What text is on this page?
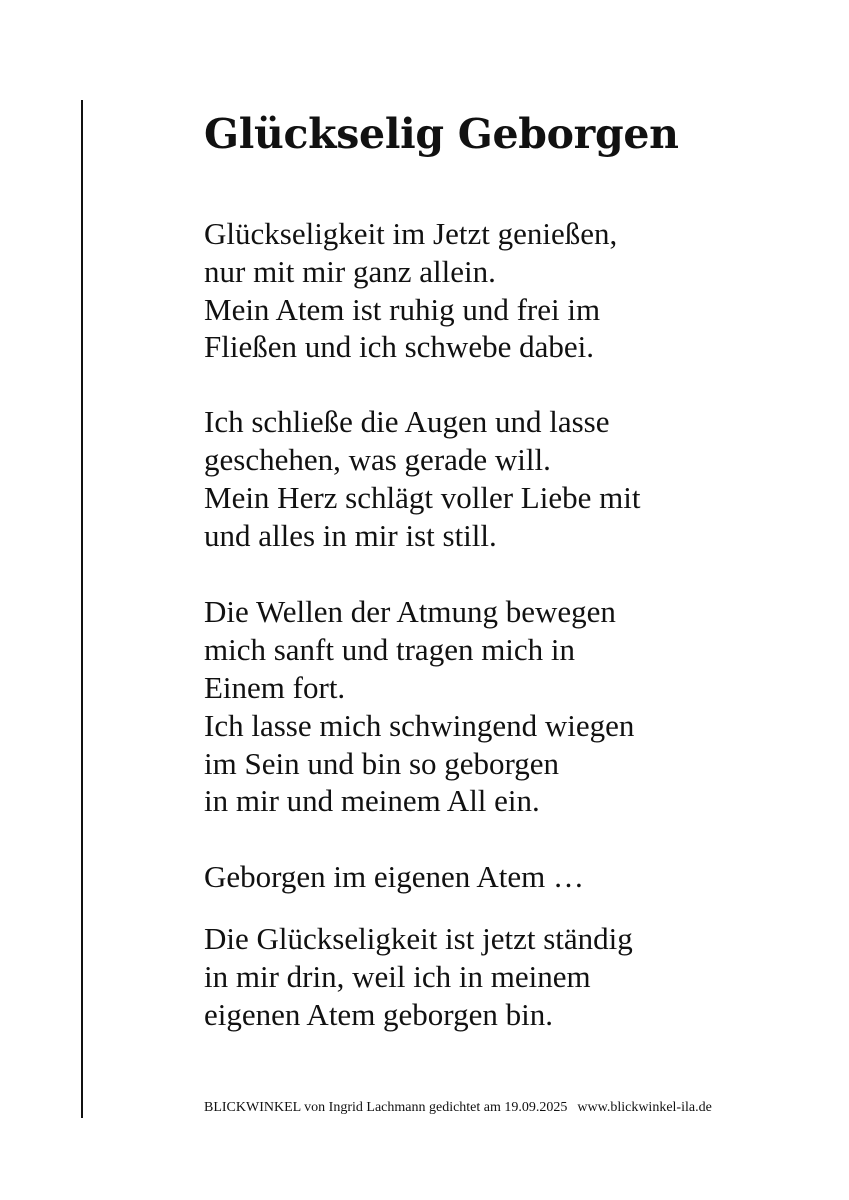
Glückselig Geborgen

Glückseligkeit im Jetzt genießen,
nur mit mir ganz allein.
Mein Atem ist ruhig und frei im
Fließen und ich schwebe dabei.

Ich schließe die Augen und lasse
geschehen, was gerade will.
Mein Herz schlägt voller Liebe mit
und alles in mir ist still.

Die Wellen der Atmung bewegen
mich sanft und tragen mich in
Einem fort.
Ich lasse mich schwingend wiegen
im Sein und bin so geborgen
in mir und meinem All ein.

Geborgen im eigenen Atem …

Die Glückseligkeit ist jetzt ständig
in mir drin, weil ich in meinem
eigenen Atem geborgen bin.

BLICKWINKEL von Ingrid Lachmann gedichtet am 19.09.2025 www.blickwinkel-ila.de
